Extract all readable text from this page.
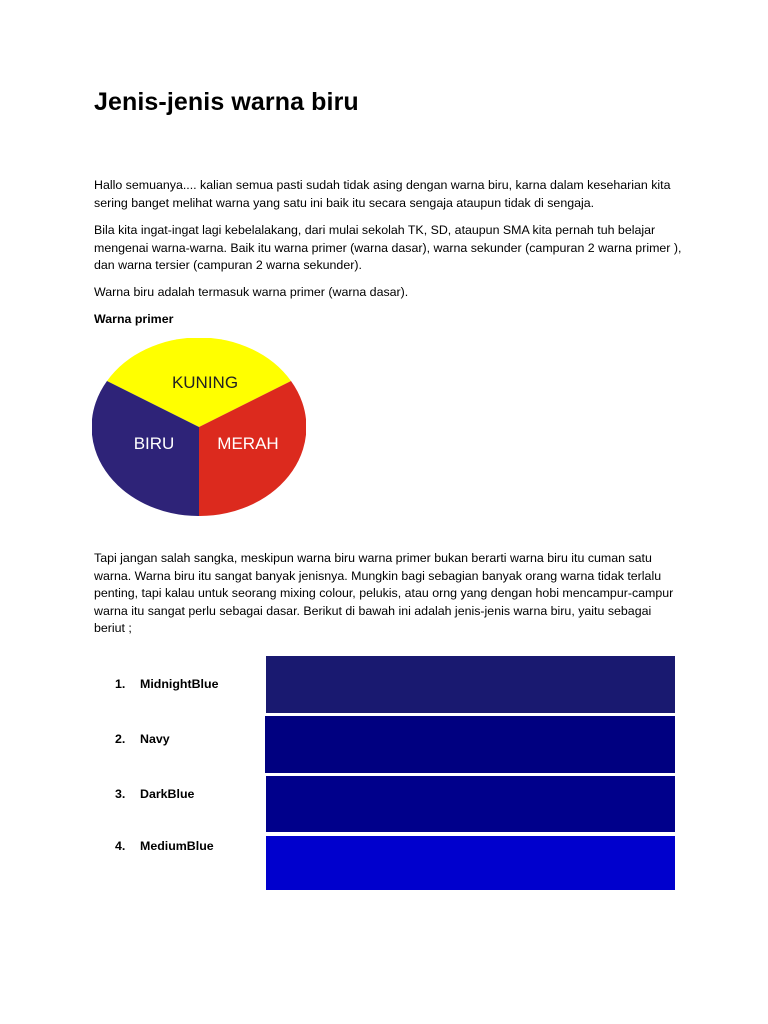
Jenis-jenis warna biru

Hallo semuanya.... kalian semua pasti sudah tidak asing dengan warna biru, karna dalam keseharian kita sering banget melihat warna yang satu ini baik itu secara sengaja ataupun tidak di sengaja.

Bila kita ingat-ingat lagi kebelalakang, dari mulai sekolah TK, SD, ataupun SMA kita pernah tuh belajar mengenai warna-warna. Baik itu warna primer (warna dasar), warna sekunder (campuran 2 warna primer ), dan warna tersier (campuran 2 warna sekunder).

Warna biru adalah termasuk warna primer (warna dasar).

Warna primer

KUNING
BIRU	MERAH

Tapi jangan salah sangka, meskipun warna biru warna primer bukan berarti warna biru itu cuman satu warna. Warna biru itu sangat banyak jenisnya. Mungkin bagi sebagian banyak orang warna tidak terlalu penting, tapi kalau untuk seorang mixing colour, pelukis, atau orng yang dengan hobi mencampur-campur warna itu sangat perlu sebagai dasar. Berikut di bawah ini adalah jenis-jenis warna biru, yaitu sebagai beriut ;

1. MidnightBlue
2. Navy
3. DarkBlue
4. MediumBlue
